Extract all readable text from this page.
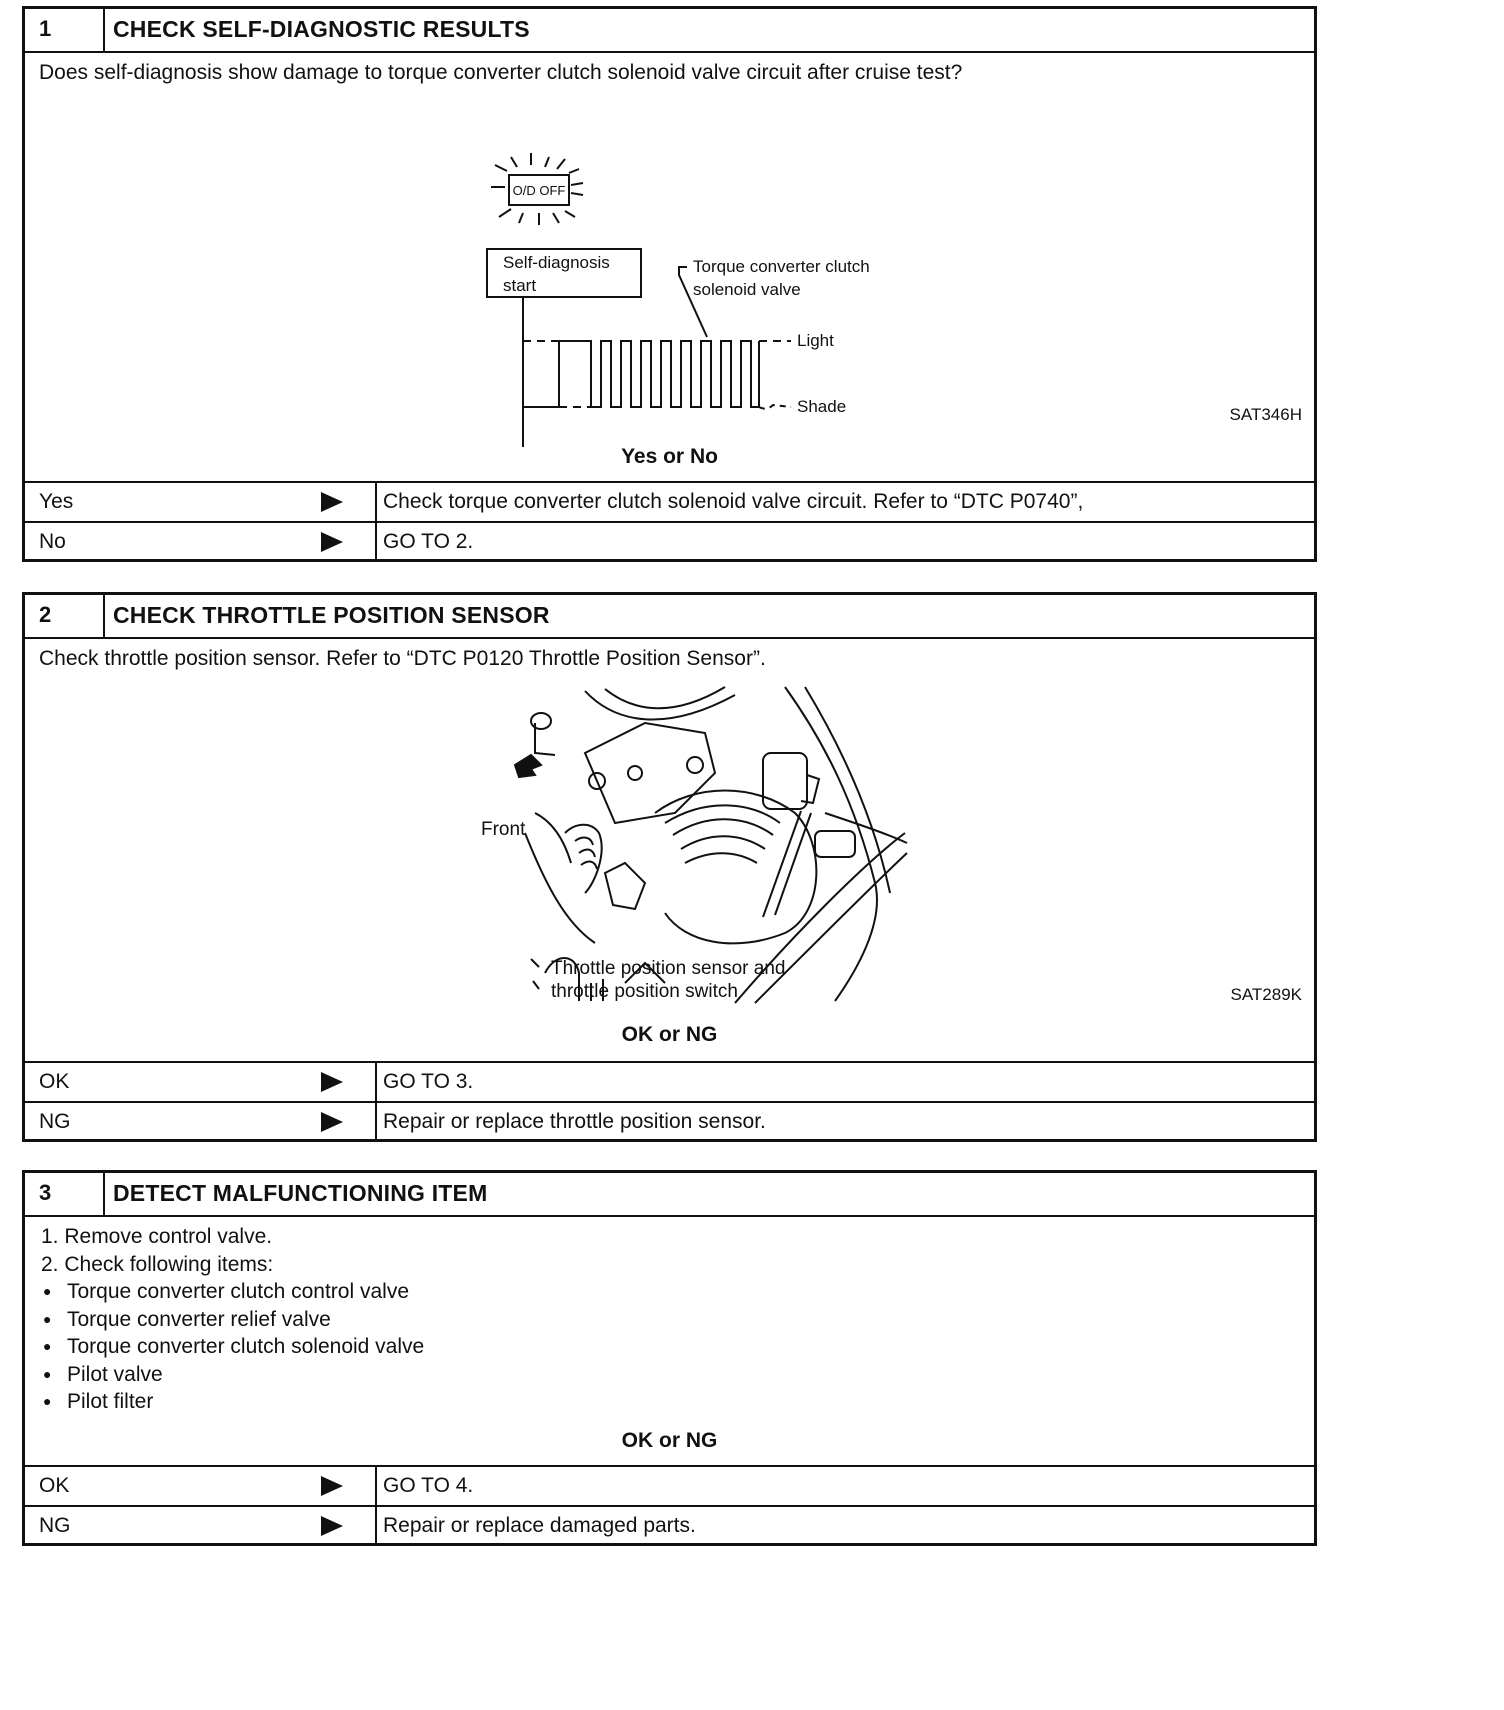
1	CHECK SELF-DIAGNOSTIC RESULTS
Does self-diagnosis show damage to torque converter clutch solenoid valve circuit after cruise test?
O/D OFF
Self-diagnosis
start
Torque converter clutch
solenoid valve
Light
Shade	SAT346H
Yes or No
Yes	Check torque converter clutch solenoid valve circuit. Refer to “DTC P0740”,
No	GO TO 2.
2	CHECK THROTTLE POSITION SENSOR
Check throttle position sensor. Refer to “DTC P0120 Throttle Position Sensor”.
Front
Throttle position sensor and
throttle position switch	SAT289K
OK or NG
OK	GO TO 3.
NG	Repair or replace throttle position sensor.
3	DETECT MALFUNCTIONING ITEM
1. Remove control valve.
2. Check following items:
● Torque converter clutch control valve
● Torque converter relief valve
● Torque converter clutch solenoid valve
● Pilot valve
● Pilot filter
OK or NG
OK	GO TO 4.
NG	Repair or replace damaged parts.
